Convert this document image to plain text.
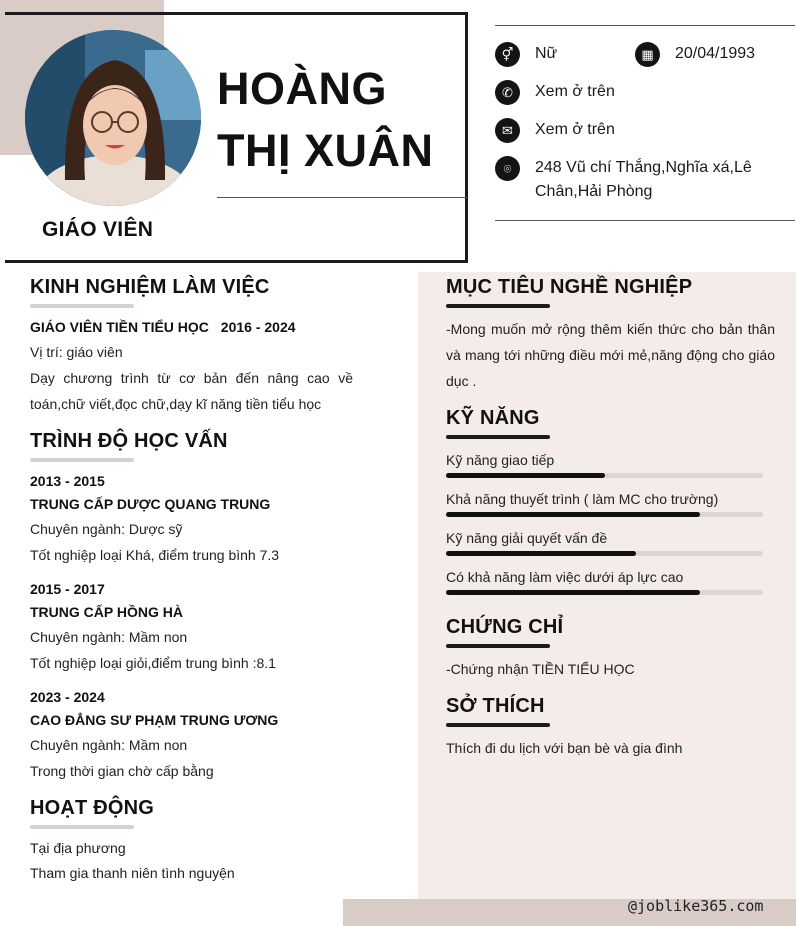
HOÀNG
THỊ XUÂN
GIÁO VIÊN
⚥	Nữ	▦	20/04/1993
✆	Xem ở trên
✉	Xem ở trên
⌾	248 Vũ chí Thắng,Nghĩa xá,Lê Chân,Hải Phòng
KINH NGHIỆM LÀM VIỆC
GIÁO VIÊN TIỀN TIỂU HỌC 2016 - 2024
Vị trí: giáo viên
Dạy chương trình từ cơ bản đến nâng cao về toán,chữ viết,đọc chữ,dạy kĩ năng tiền tiểu học
TRÌNH ĐỘ HỌC VẤN
2013 - 2015
TRUNG CẤP DƯỢC QUANG TRUNG
Chuyên ngành: Dược sỹ
Tốt nghiệp loại Khá, điểm trung bình 7.3
2015 - 2017
TRUNG CẤP HỒNG HÀ
Chuyên ngành: Mầm non
Tốt nghiệp loại giỏi,điểm trung bình :8.1
2023 - 2024
CAO ĐẲNG SƯ PHẠM TRUNG ƯƠNG
Chuyên ngành: Mầm non
Trong thời gian chờ cấp bằng
HOẠT ĐỘNG
Tại địa phương
Tham gia thanh niên tình nguyện
MỤC TIÊU NGHỀ NGHIỆP
-Mong muốn mở rộng thêm kiến thức cho bản thân và mang tới những điều mới mẻ,năng động cho giáo dục .
KỸ NĂNG
Kỹ năng giao tiếp
Khả năng thuyết trình ( làm MC cho trường)
Kỹ năng giải quyết vấn đề
Có khả năng làm việc dưới áp lực cao
CHỨNG CHỈ
-Chứng nhận TIỀN TIỂU HỌC
SỞ THÍCH
Thích đi du lịch với bạn bè và gia đình
@joblike365.com
